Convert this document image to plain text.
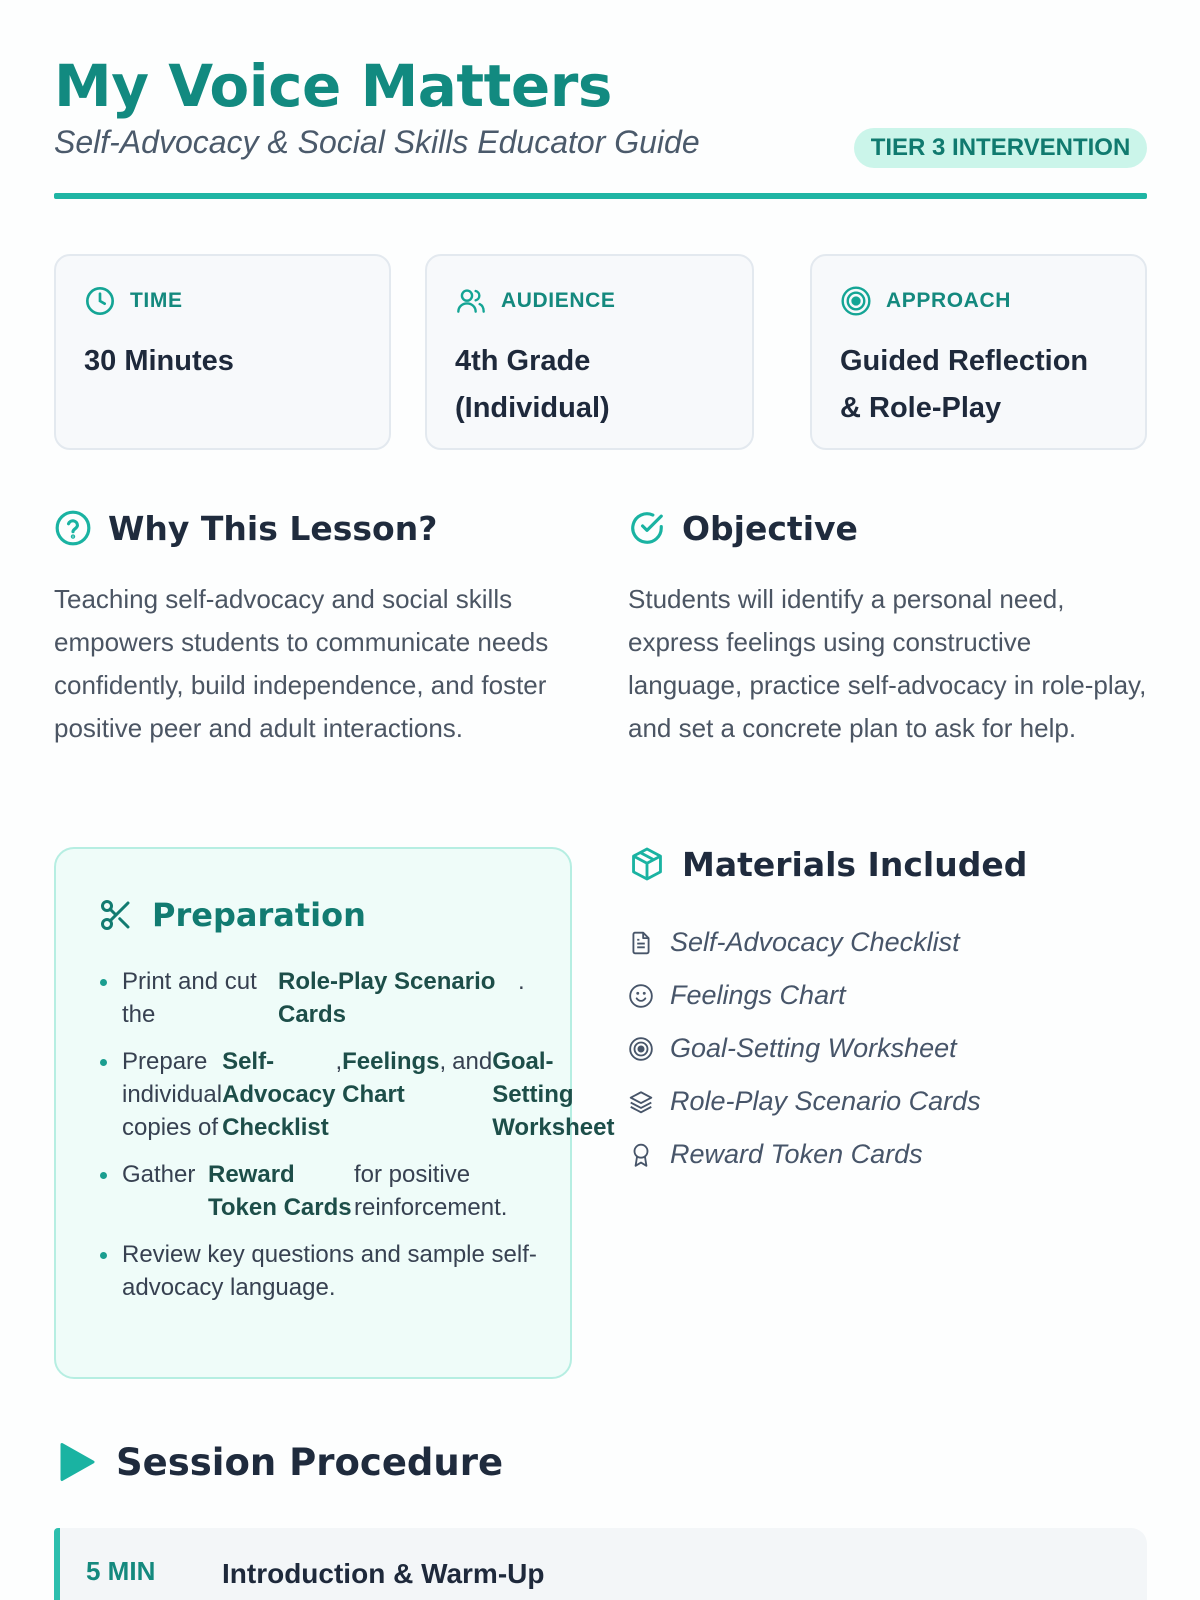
My Voice Matters
Self-Advocacy & Social Skills Educator Guide	TIER 3 INTERVENTION
TIME
30 Minutes
AUDIENCE
4th Grade (Individual)
APPROACH
Guided Reflection & Role-Play
Why This Lesson?

Teaching self-advocacy and social skills empowers students to communicate needs confidently, build independence, and foster positive peer and adult interactions.

Objective

Students will identify a personal need, express feelings using constructive language, practice self-advocacy in role-play, and set a concrete plan to ask for help.

Preparation
Print and cut the
Role-Play Scenario Cards
.
Prepare individual copies of
Self-Advocacy Checklist
, Feelings Chart
, and Goal-Setting Worksheet
Gather Reward Token Cards
for positive reinforcement.
Review key questions and sample self-advocacy language.
Materials Included
Self-Advocacy Checklist
Feelings Chart
Goal-Setting Worksheet
Role-Play Scenario Cards
Reward Token Cards
Session Procedure
5 MIN Introduction & Warm-Up
